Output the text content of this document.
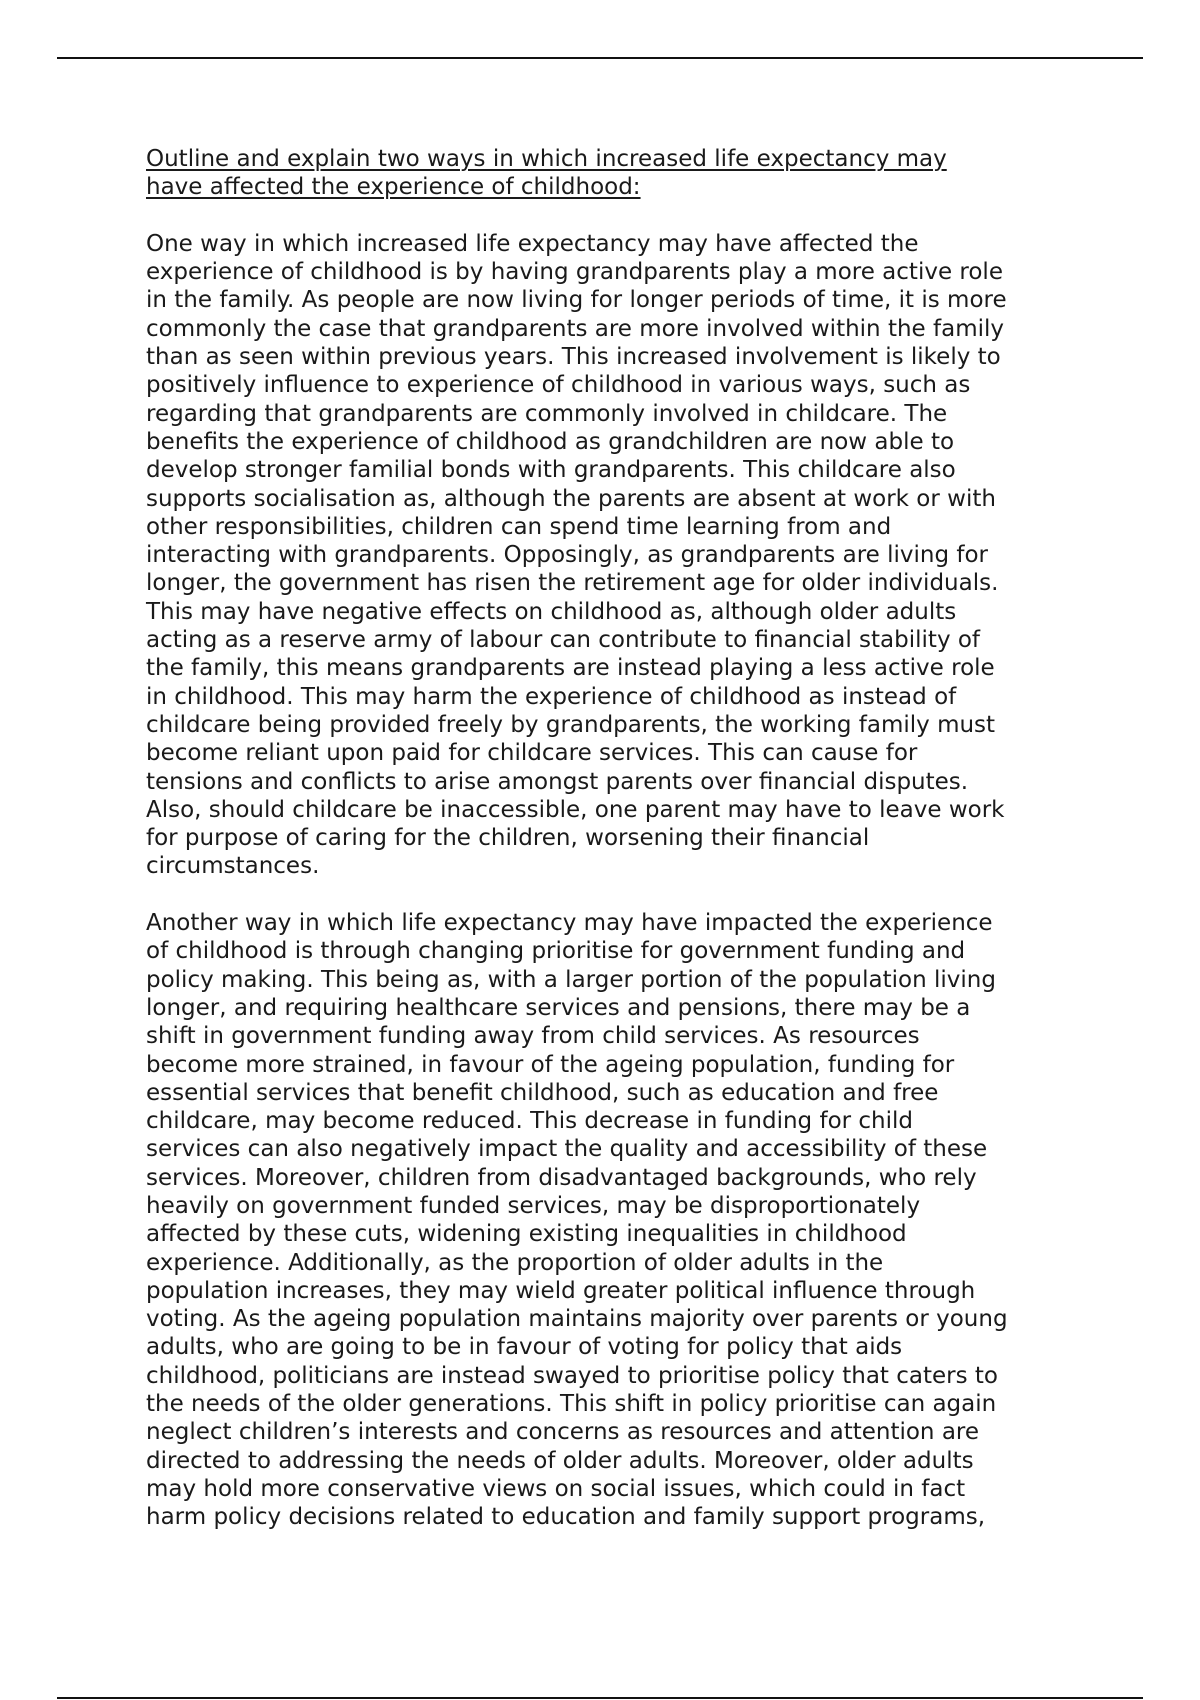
Outline and explain two ways in which increased life expectancy may
have affected the experience of childhood:

One way in which increased life expectancy may have affected the
experience of childhood is by having grandparents play a more active role
in the family. As people are now living for longer periods of time, it is more
commonly the case that grandparents are more involved within the family
than as seen within previous years. This increased involvement is likely to
positively influence to experience of childhood in various ways, such as
regarding that grandparents are commonly involved in childcare. The
benefits the experience of childhood as grandchildren are now able to
develop stronger familial bonds with grandparents. This childcare also
supports socialisation as, although the parents are absent at work or with
other responsibilities, children can spend time learning from and
interacting with grandparents. Opposingly, as grandparents are living for
longer, the government has risen the retirement age for older individuals.
This may have negative effects on childhood as, although older adults
acting as a reserve army of labour can contribute to financial stability of
the family, this means grandparents are instead playing a less active role
in childhood. This may harm the experience of childhood as instead of
childcare being provided freely by grandparents, the working family must
become reliant upon paid for childcare services. This can cause for
tensions and conflicts to arise amongst parents over financial disputes.
Also, should childcare be inaccessible, one parent may have to leave work
for purpose of caring for the children, worsening their financial
circumstances.

Another way in which life expectancy may have impacted the experience
of childhood is through changing prioritise for government funding and
policy making. This being as, with a larger portion of the population living
longer, and requiring healthcare services and pensions, there may be a
shift in government funding away from child services. As resources
become more strained, in favour of the ageing population, funding for
essential services that benefit childhood, such as education and free
childcare, may become reduced. This decrease in funding for child
services can also negatively impact the quality and accessibility of these
services. Moreover, children from disadvantaged backgrounds, who rely
heavily on government funded services, may be disproportionately
affected by these cuts, widening existing inequalities in childhood
experience. Additionally, as the proportion of older adults in the
population increases, they may wield greater political influence through
voting. As the ageing population maintains majority over parents or young
adults, who are going to be in favour of voting for policy that aids
childhood, politicians are instead swayed to prioritise policy that caters to
the needs of the older generations. This shift in policy prioritise can again
neglect children’s interests and concerns as resources and attention are
directed to addressing the needs of older adults. Moreover, older adults
may hold more conservative views on social issues, which could in fact
harm policy decisions related to education and family support programs,
